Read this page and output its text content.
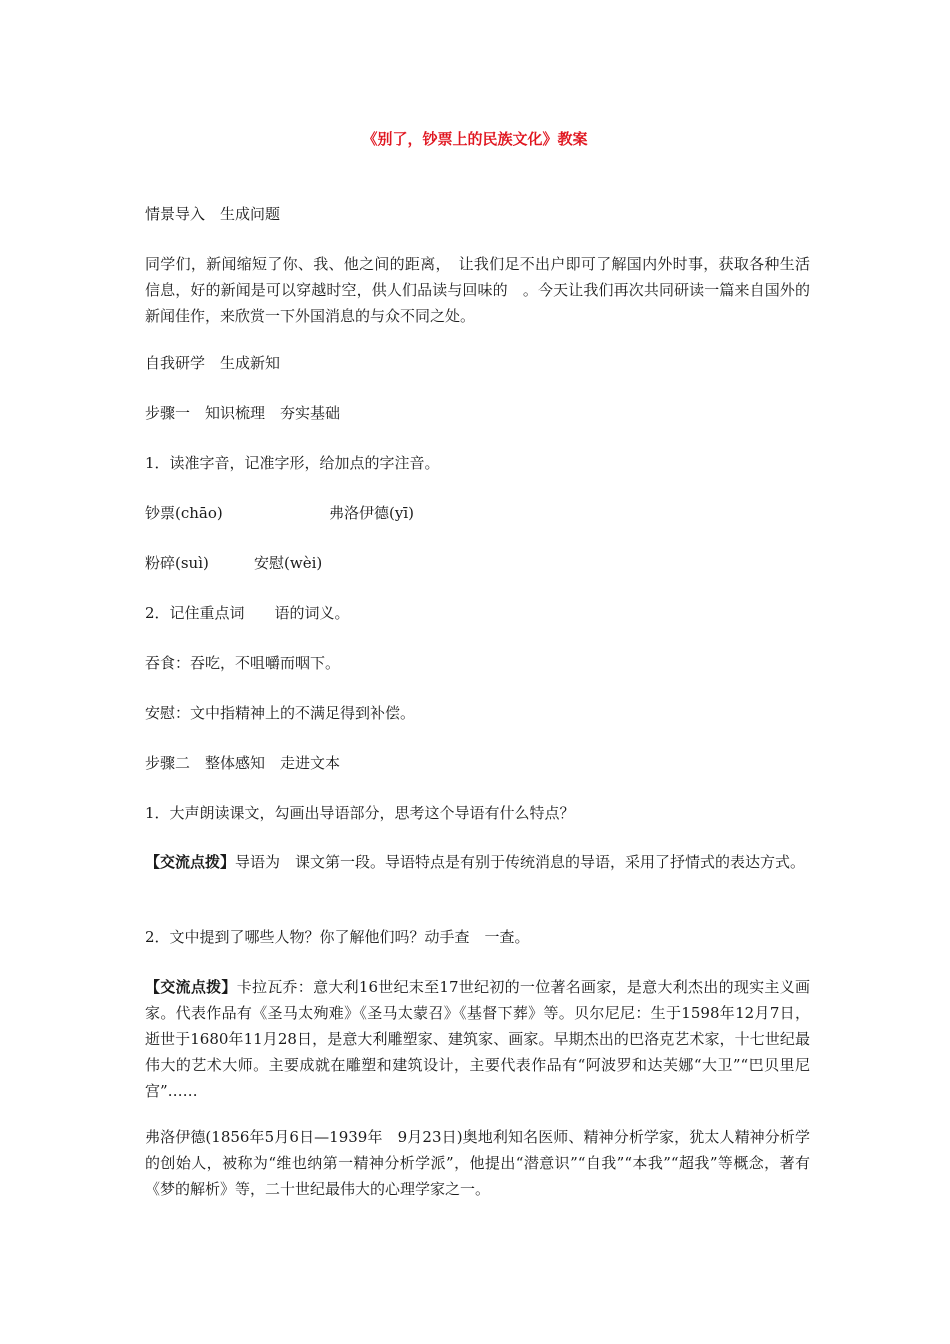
《别了，钞票上的民族文化》教案

情景导入　生成问题

同学们，新闻缩短了你、我、他之间的距离，　让我们足不出户即可了解国内外时事，获取各种生活信息，好的新闻是可以穿越时空，供人们品读与回味的　。今天让我们再次共同研读一篇来自国外的新闻佳作，来欣赏一下外国消息的与众不同之处。

自我研学　生成新知

步骤一　知识梳理　夯实基础

1．读准字音，记准字形，给加点的字注音。

钞票(chāo)	弗洛伊德(yī)

粉碎(suì)	安慰(wèi)

2．记住重点词　　语的词义。

吞食：吞吃，不咀嚼而咽下。

安慰：文中指精神上的不满足得到补偿。

步骤二　整体感知　走进文本

1．大声朗读课文，勾画出导语部分，思考这个导语有什么特点？

【交流点拨】导语为　课文第一段。导语特点是有别于传统消息的导语，采用了抒情式的表达方式。

2．文中提到了哪些人物？你了解他们吗？动手查　一查。

【交流点拨】卡拉瓦乔：意大利16世纪末至17世纪初的一位著名画家，是意大利杰出的现实主义画家。代表作品有《圣马太殉难》《圣马太蒙召》《基督下葬》等。贝尔尼尼：生于1598年12月7日，逝世于1680年11月28日，是意大利雕塑家、建筑家、画家。早期杰出的巴洛克艺术家，十七世纪最伟大的艺术大师。主要成就在雕塑和建筑设计，主要代表作品有“阿波罗和达芙娜“大卫”“巴贝里尼宫”……

弗洛伊德(1856年5月6日—1939年　9月23日)奥地利知名医师、精神分析学家，犹太人精神分析学的创始人，被称为“维也纳第一精神分析学派”，他提出“潜意识”“自我”“本我”“超我”等概念，著有《梦的解析》等，二十世纪最伟大的心理学家之一。
